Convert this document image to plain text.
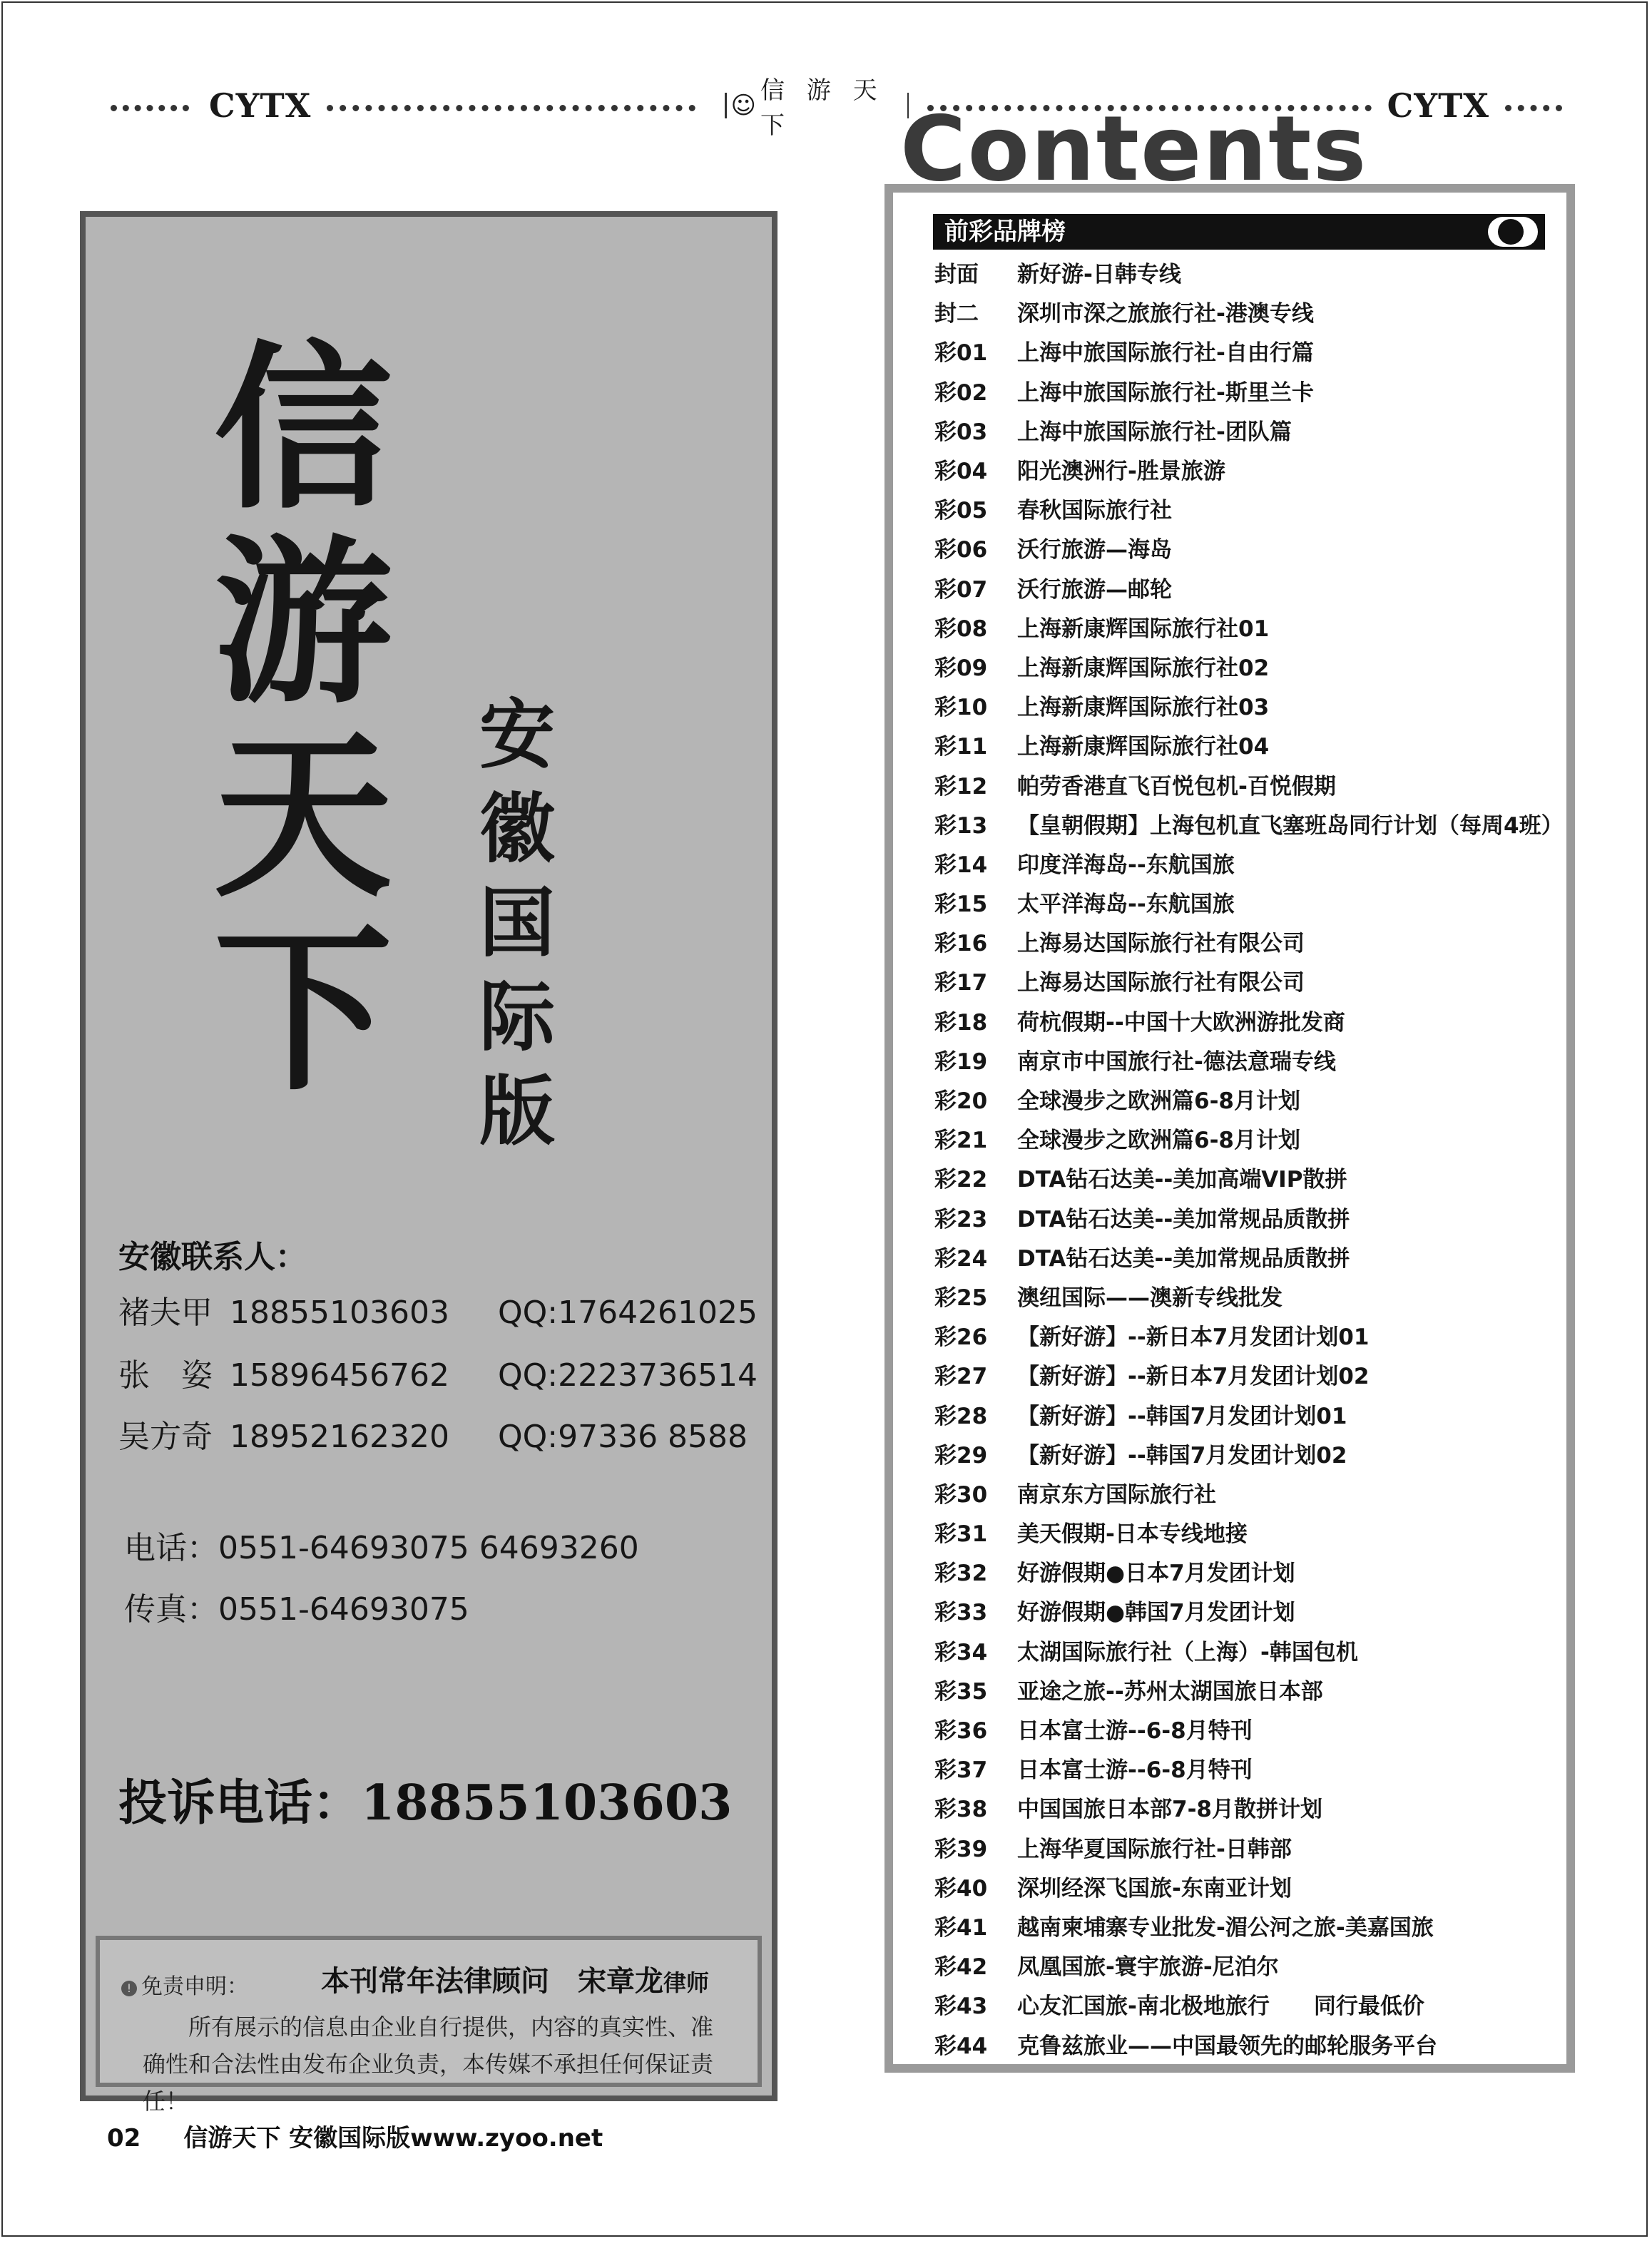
CYTX	☺
信 游 天 下
CYTX
信
游
天
下
安
徽
国
际
版
安徽联系人：
褚夫甲 18855103603 QQ:1764261025
张　姿 15896456762 QQ:2223736514
吴方奇 18952162320 QQ:97336 8588
电话：0551-64693075 64693260
传真：0551-64693075
投诉电话：18855103603
! 免责申明：	本刊常年法律顾问　宋章龙律师
所有展示的信息由企业自行提供，内容的真实性、准确性和合法性由发布企业负责，本传媒不承担任何保证责任！
02 信游天下 安徽国际版www.zyoo.net
Contents
前彩品牌榜
封面	新好游-日韩专线
封二	深圳市深之旅旅行社-港澳专线
彩01	上海中旅国际旅行社-自由行篇
彩02	上海中旅国际旅行社-斯里兰卡
彩03	上海中旅国际旅行社-团队篇
彩04	阳光澳洲行-胜景旅游
彩05	春秋国际旅行社
彩06	沃行旅游—海岛
彩07	沃行旅游—邮轮
彩08	上海新康辉国际旅行社01
彩09	上海新康辉国际旅行社02
彩10	上海新康辉国际旅行社03
彩11	上海新康辉国际旅行社04
彩12	帕劳香港直飞百悦包机-百悦假期
彩13	【皇朝假期】上海包机直飞塞班岛同行计划（每周4班）
彩14	印度洋海岛--东航国旅
彩15	太平洋海岛--东航国旅
彩16	上海易达国际旅行社有限公司
彩17	上海易达国际旅行社有限公司
彩18	荷杭假期--中国十大欧洲游批发商
彩19	南京市中国旅行社-德法意瑞专线
彩20	全球漫步之欧洲篇6-8月计划
彩21	全球漫步之欧洲篇6-8月计划
彩22	DTA钻石达美--美加高端VIP散拼
彩23	DTA钻石达美--美加常规品质散拼
彩24	DTA钻石达美--美加常规品质散拼
彩25	澳纽国际——澳新专线批发
彩26	【新好游】--新日本7月发团计划01
彩27	【新好游】--新日本7月发团计划02
彩28	【新好游】--韩国7月发团计划01
彩29	【新好游】--韩国7月发团计划02
彩30	南京东方国际旅行社
彩31	美天假期-日本专线地接
彩32	好游假期●日本7月发团计划
彩33	好游假期●韩国7月发团计划
彩34	太湖国际旅行社（上海）-韩国包机
彩35	亚途之旅--苏州太湖国旅日本部
彩36	日本富士游--6-8月特刊
彩37	日本富士游--6-8月特刊
彩38	中国国旅日本部7-8月散拼计划
彩39	上海华夏国际旅行社-日韩部
彩40	深圳经深飞国旅-东南亚计划
彩41	越南柬埔寨专业批发-湄公河之旅-美嘉国旅
彩42	凤凰国旅-寰宇旅游-尼泊尔
彩43	心友汇国旅-南北极地旅行　　同行最低价
彩44	克鲁兹旅业——中国最领先的邮轮服务平台
